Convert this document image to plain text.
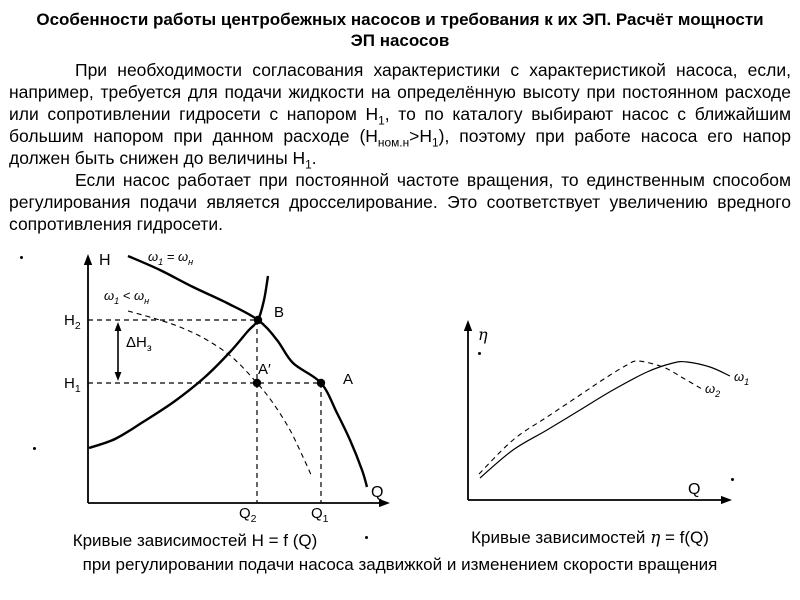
Особенности работы центробежных насосов и требования к их ЭП. Расчёт мощности
ЭП насосов

При необходимости согласования характеристики с характеристикой насоса, если, например, требуется для подачи жидкости на определённую высоту при постоянном расходе или сопротивлении гидросети с напором $Н_1$, то по каталогу выбирают насос с ближайшим большим напором при данном расходе $(Н_{ном.н}>Н_1)$, поэтому при работе насоса его напор должен быть снижен до величины $Н_1$.

Если насос работает при постоянной частоте вращения, то единственным способом регулирования подачи является дросселирование. Это соответствует увеличению вредного сопротивления гидросети.

Q
Н	$\omega_1 = \omega_н$
$\omega_1 < \omega_н$
$\Delta Н_з$
B
A′
A
$Н_2$
$Н_1$
$Q_2$	$Q_1$
Q
η
$\omega_1$
$\omega_2$
Кривые зависимостей Н = f (Q)	Кривые зависимостей η = f(Q)
при регулировании подачи насоса задвижкой и изменением скорости вращения
